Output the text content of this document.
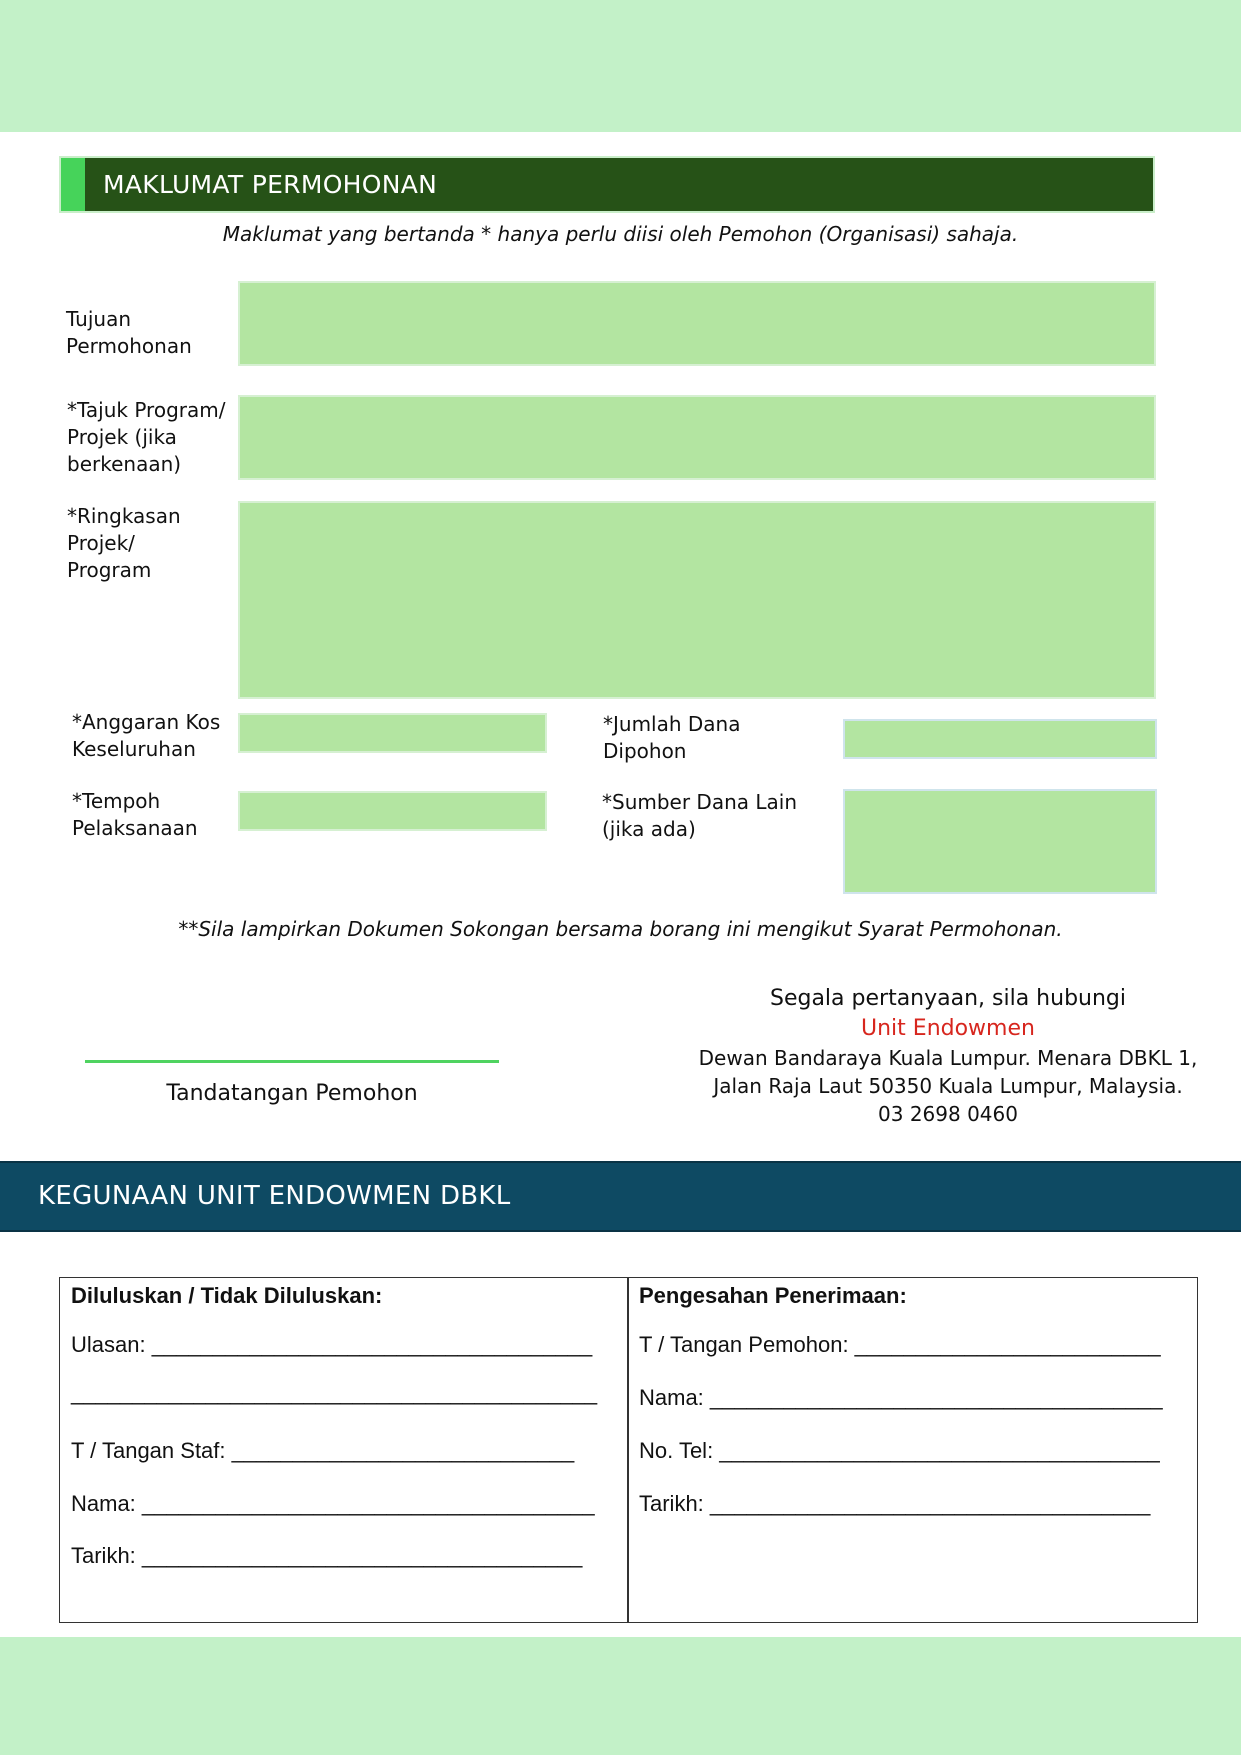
MAKLUMAT PERMOHONAN
Maklumat yang bertanda * hanya perlu diisi oleh Pemohon (Organisasi) sahaja.
Tujuan
Permohonan
*Tajuk Program/
Projek (jika
berkenaan)
*Ringkasan
Projek/
Program
*Anggaran Kos
Keseluruhan
*Jumlah Dana
Dipohon
*Tempoh
Pelaksanaan
*Sumber Dana Lain
(jika ada)
**Sila lampirkan Dokumen Sokongan bersama borang ini mengikut Syarat Permohonan.
Tandatangan Pemohon
Segala pertanyaan, sila hubungi
Unit Endowmen
Dewan Bandaraya Kuala Lumpur. Menara DBKL 1,
Jalan Raja Laut 50350 Kuala Lumpur, Malaysia.
03 2698 0460
KEGUNAAN UNIT ENDOWMEN DBKL
Diluluskan / Tidak Diluluskan:
Ulasan: ____________________________________
___________________________________________
T / Tangan Staf: ____________________________
Nama: _____________________________________
Tarikh: ____________________________________
Pengesahan Penerimaan:
T / Tangan Pemohon: _________________________
Nama: _____________________________________
No. Tel: ____________________________________
Tarikh: ____________________________________
